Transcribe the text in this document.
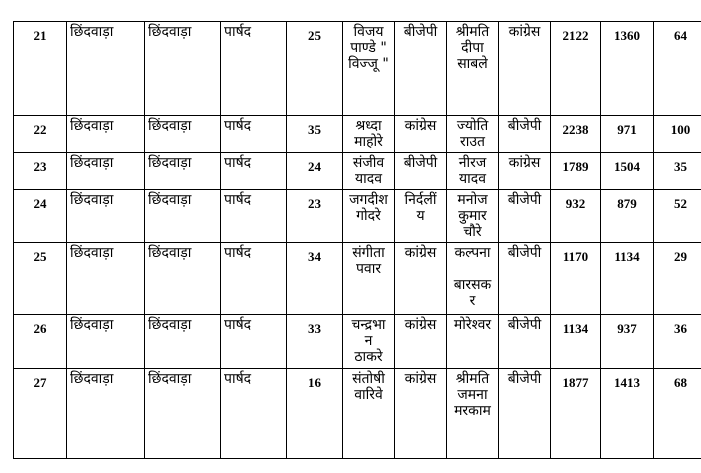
21	छिंदवाड़ा	छिंदवाड़ा	पार्षद	25	विजय
पाण्डे "
विज्जू "	बीजेपी	श्रीमति
दीपा
साबले	कांग्रेस	2122	1360	64
22	छिंदवाड़ा	छिंदवाड़ा	पार्षद	35	श्रध्दा
माहोरे	कांग्रेस	ज्योति
राउत	बीजेपी	2238	971	100
23	छिंदवाड़ा	छिंदवाड़ा	पार्षद	24	संजीव
यादव	बीजेपी	नीरज
यादव	कांग्रेस	1789	1504	35
24	छिंदवाड़ा	छिंदवाड़ा	पार्षद	23	जगदीश
गोदरे	निर्दलीं
य	मनोज
कुमार
चौरे	बीजेपी	932	879	52
25	छिंदवाड़ा	छिंदवाड़ा	पार्षद	34	संगीता
पवार	कांग्रेस	कल्पना
बारसक
र	बीजेपी	1170	1134	29
26	छिंदवाड़ा	छिंदवाड़ा	पार्षद	33	चन्द्रभा
न
ठाकरे	कांग्रेस	मोरेश्वर	बीजेपी	1134	937	36
27	छिंदवाड़ा	छिंदवाड़ा	पार्षद	16	संतोषी
वारिवे	कांग्रेस	श्रीमति
जमना
मरकाम	बीजेपी	1877	1413	68
